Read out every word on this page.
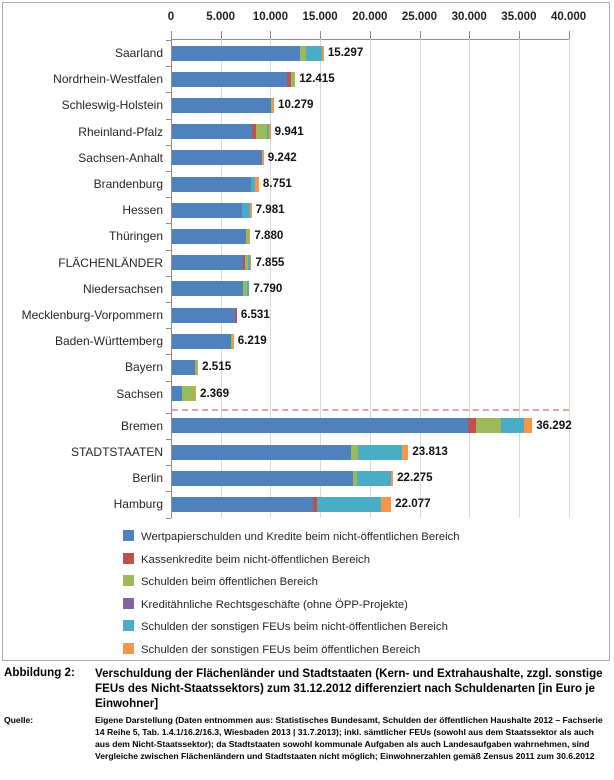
0	5.000	10.000	15.000	20.000	25.000	30.000	35.000	40.000
Saarland	15.297
Nordrhein-Westfalen	12.415
Schleswig-Holstein	10.279
Rheinland-Pfalz	9.941
Sachsen-Anhalt	9.242
Brandenburg	8.751
Hessen	7.981
Thüringen	7.880
FLÄCHENLÄNDER	7.855
Niedersachsen	7.790
Mecklenburg-Vorpommern	6.531
Baden-Württemberg	6.219
Bayern	2.515
Sachsen	2.369
Bremen	36.292
STADTSTAATEN	23.813
Berlin	22.275
Hamburg	22.077
Wertpapierschulden und Kredite beim nicht-öffentlichen Bereich
Kassenkredite beim nicht-öffentlichen Bereich
Schulden beim öffentlichen Bereich
Kreditähnliche Rechtsgeschäfte (ohne ÖPP-Projekte)
Schulden der sonstigen FEUs beim nicht-öffentlichen Bereich
Schulden der sonstigen FEUs beim öffentlichen Bereich
Abbildung 2:	Verschuldung der Flächenländer und Stadtstaaten (Kern- und Extrahaushalte, zzgl. sonstige FEUs des Nicht-Staatssektors) zum 31.12.2012 differenziert nach Schuldenarten [in Euro je Einwohner]
Quelle:	Eigene Darstellung (Daten entnommen aus: Statistisches Bundesamt, Schulden der öffentlichen Haushalte 2012 – Fachserie 14 Reihe 5, Tab. 1.4.1/16.2/16.3, Wiesbaden 2013 | 31.7.2013); inkl. sämtlicher FEUs (sowohl aus dem Staatssektor als auch aus dem Nicht-Staatssektor); da Stadtstaaten sowohl kommunale Aufgaben als auch Landesaufgaben wahrnehmen, sind Vergleiche zwischen Flächenländern und Stadtstaaten nicht möglich; Einwohnerzahlen gemäß Zensus 2011 zum 30.6.2012
